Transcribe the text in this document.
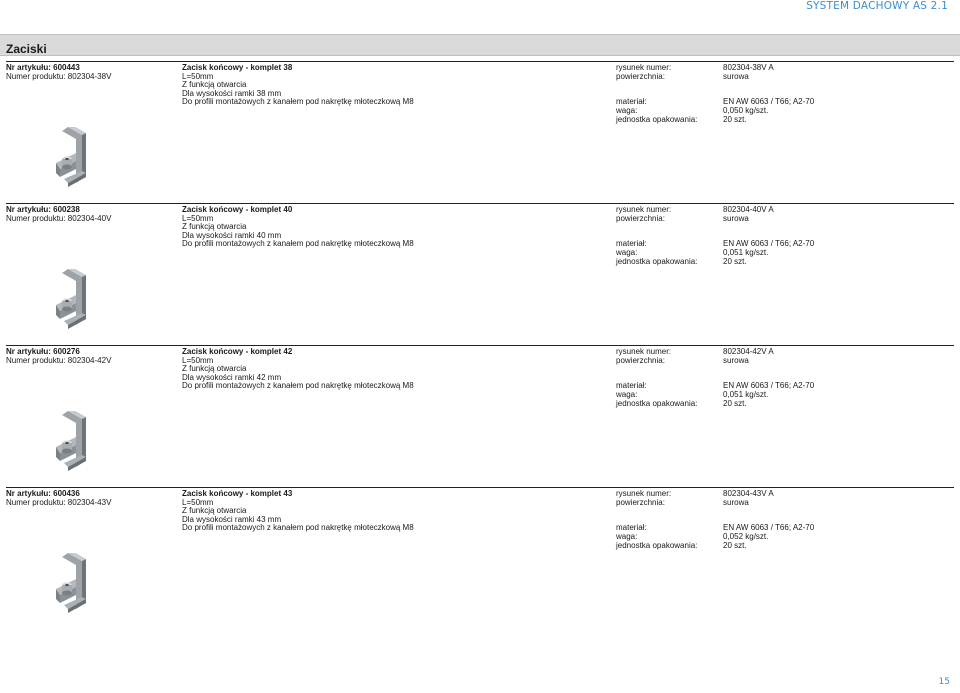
SYSTEM DACHOWY AS 2.1
Zaciski
Nr artykułu: 600443
Numer produktu: 802304-38V
Zacisk końcowy - komplet 38
L=50mm
Z funkcją otwarcia
Dla wysokości ramki 38 mm
Do profili montażowych z kanałem pod nakrętkę młoteczkową M8
rysunek numer:
powierzchnia:
materiał:
waga:
jednostka opakowania:
802304-38V A
surowa
EN AW 6063 / T66; A2-70
0,050 kg/szt.
20 szt.
Nr artykułu: 600238
Numer produktu: 802304-40V
Zacisk końcowy - komplet 40
L=50mm
Z funkcją otwarcia
Dla wysokości ramki 40 mm
Do profili montażowych z kanałem pod nakrętkę młoteczkową M8
rysunek numer:
powierzchnia:
materiał:
waga:
jednostka opakowania:
802304-40V A
surowa
EN AW 6063 / T66; A2-70
0,051 kg/szt.
20 szt.
Nr artykułu: 600276
Numer produktu: 802304-42V
Zacisk końcowy - komplet 42
L=50mm
Z funkcją otwarcia
Dla wysokości ramki 42 mm
Do profili montażowych z kanałem pod nakrętkę młoteczkową M8
rysunek numer:
powierzchnia:
materiał:
waga:
jednostka opakowania:
802304-42V A
surowa
EN AW 6063 / T66; A2-70
0,051 kg/szt.
20 szt.
Nr artykułu: 600436
Numer produktu: 802304-43V
Zacisk końcowy - komplet 43
L=50mm
Z funkcją otwarcia
Dla wysokości ramki 43 mm
Do profili montażowych z kanałem pod nakrętkę młoteczkową M8
rysunek numer:
powierzchnia:
materiał:
waga:
jednostka opakowania:
802304-43V A
surowa
EN AW 6063 / T66; A2-70
0,052 kg/szt.
20 szt.
15
